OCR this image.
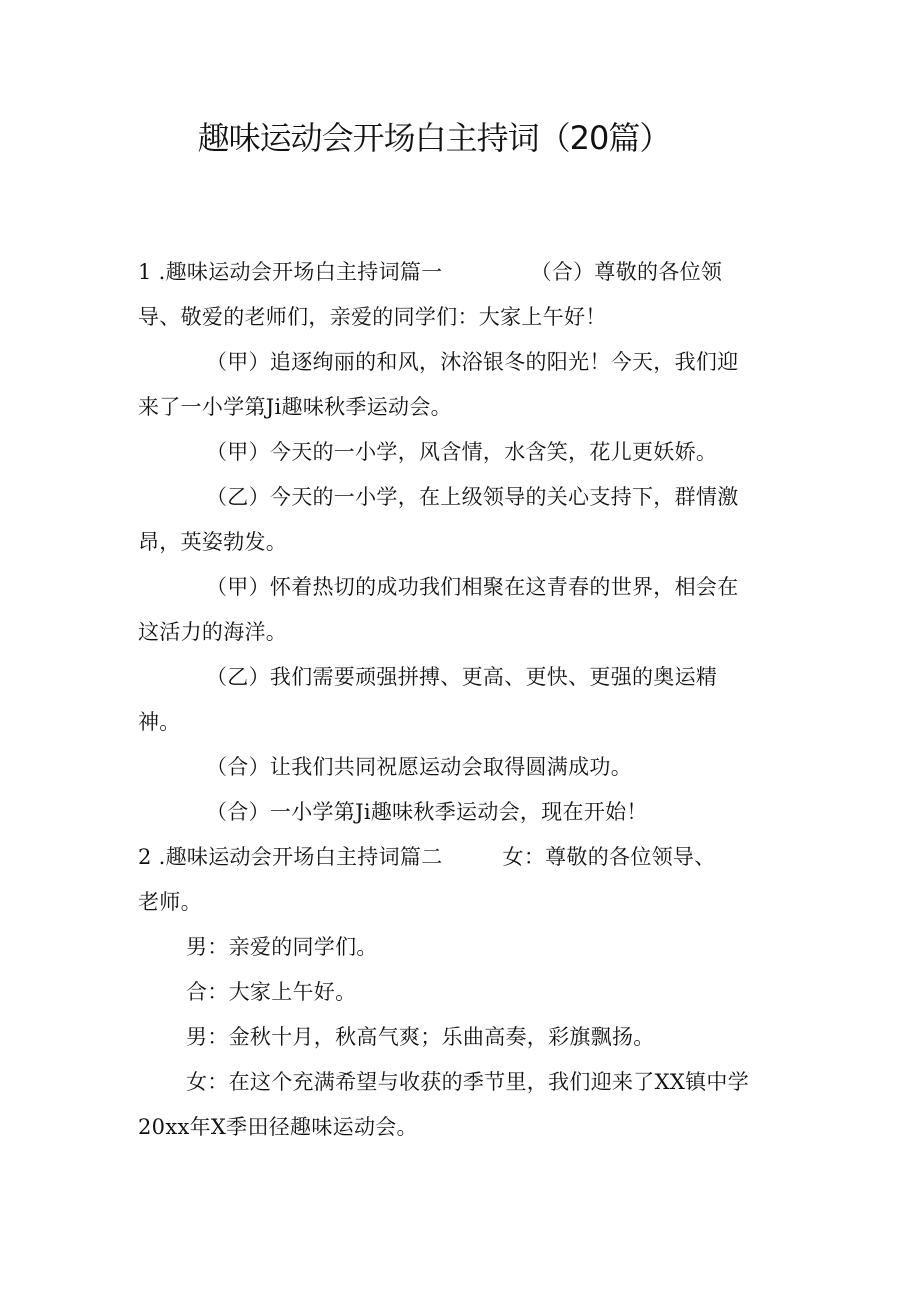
趣味运动会开场白主持词（20篇）

1 .趣味运动会开场白主持词篇一	（合）尊敬的各位领

导、敬爱的老师们，亲爱的同学们：大家上午好！

（甲）追逐绚丽的和风，沐浴银冬的阳光！今天，我们迎

来了一小学第Ji趣味秋季运动会。

（甲）今天的一小学，风含情，水含笑，花儿更妖娇。

（乙）今天的一小学，在上级领导的关心支持下，群情激

昂，英姿勃发。

（甲）怀着热切的成功我们相聚在这青春的世界，相会在

这活力的海洋。

（乙）我们需要顽强拼搏、更高、更快、更强的奥运精

神。

（合）让我们共同祝愿运动会取得圆满成功。

（合）一小学第Ji趣味秋季运动会，现在开始！

2 .趣味运动会开场白主持词篇二	女：尊敬的各位领导、

老师。

男：亲爱的同学们。

合：大家上午好。

男：金秋十月，秋高气爽；乐曲高奏，彩旗飘扬。

女：在这个充满希望与收获的季节里，我们迎来了XX镇中学

20xx年X季田径趣味运动会。
